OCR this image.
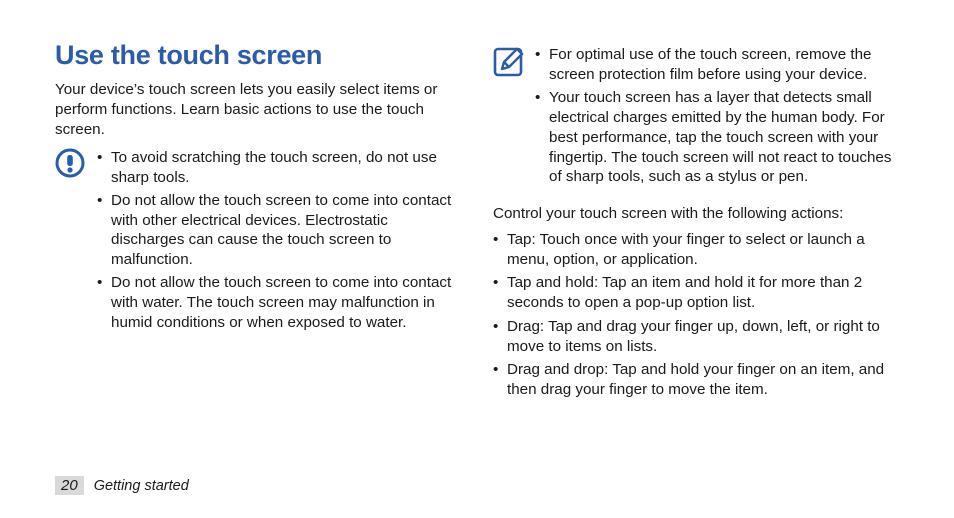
Use the touch screen

Your device’s touch screen lets you easily select items or perform functions. Learn basic actions to use the touch screen.

• To avoid scratching the touch screen, do not use sharp tools.
• Do not allow the touch screen to come into contact with other electrical devices. Electrostatic discharges can cause the touch screen to malfunction.
• Do not allow the touch screen to come into contact with water. The touch screen may malfunction in humid conditions or when exposed to water.
• For optimal use of the touch screen, remove the screen protection film before using your device.
• Your touch screen has a layer that detects small electrical charges emitted by the human body. For best performance, tap the touch screen with your fingertip. The touch screen will not react to touches of sharp tools, such as a stylus or pen.

Control your touch screen with the following actions:

• Tap: Touch once with your finger to select or launch a menu, option, or application.
• Tap and hold: Tap an item and hold it for more than 2 seconds to open a pop-up option list.
• Drag: Tap and drag your finger up, down, left, or right to move to items on lists.
• Drag and drop: Tap and hold your finger on an item, and then drag your finger to move the item.
20	Getting started
